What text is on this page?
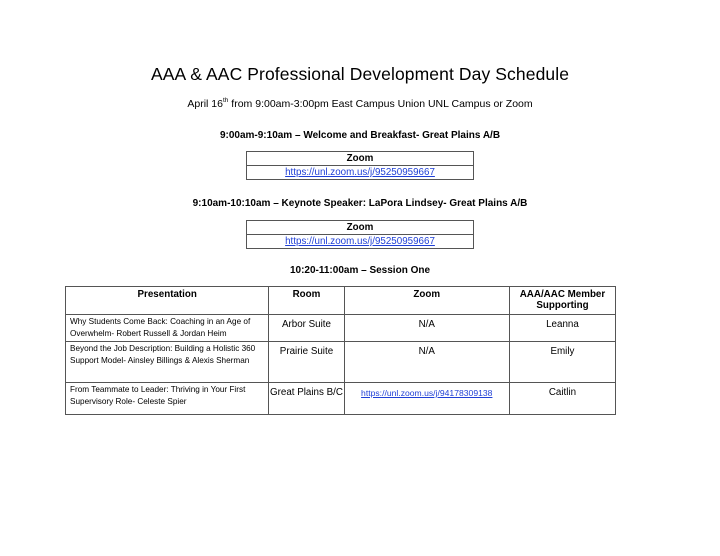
AAA & AAC Professional Development Day Schedule
April 16th from 9:00am-3:00pm East Campus Union UNL Campus or Zoom
9:00am-9:10am – Welcome and Breakfast- Great Plains A/B
Zoom
https://unl.zoom.us/j/95250959667
9:10am-10:10am – Keynote Speaker: LaPora Lindsey- Great Plains A/B
Zoom
https://unl.zoom.us/j/95250959667
10:20-11:00am – Session One
Presentation	Room	Zoom	AAA/AAC Member Supporting
Why Students Come Back: Coaching in an Age of Overwhelm- Robert Russell & Jordan Heim	Arbor Suite	N/A	Leanna
Beyond the Job Description: Building a Holistic 360 Support Model- Ainsley Billings & Alexis Sherman	Prairie Suite	N/A	Emily
From Teammate to Leader: Thriving in Your First Supervisory Role- Celeste Spier	Great Plains B/C	https://unl.zoom.us/j/94178309138	Caitlin
